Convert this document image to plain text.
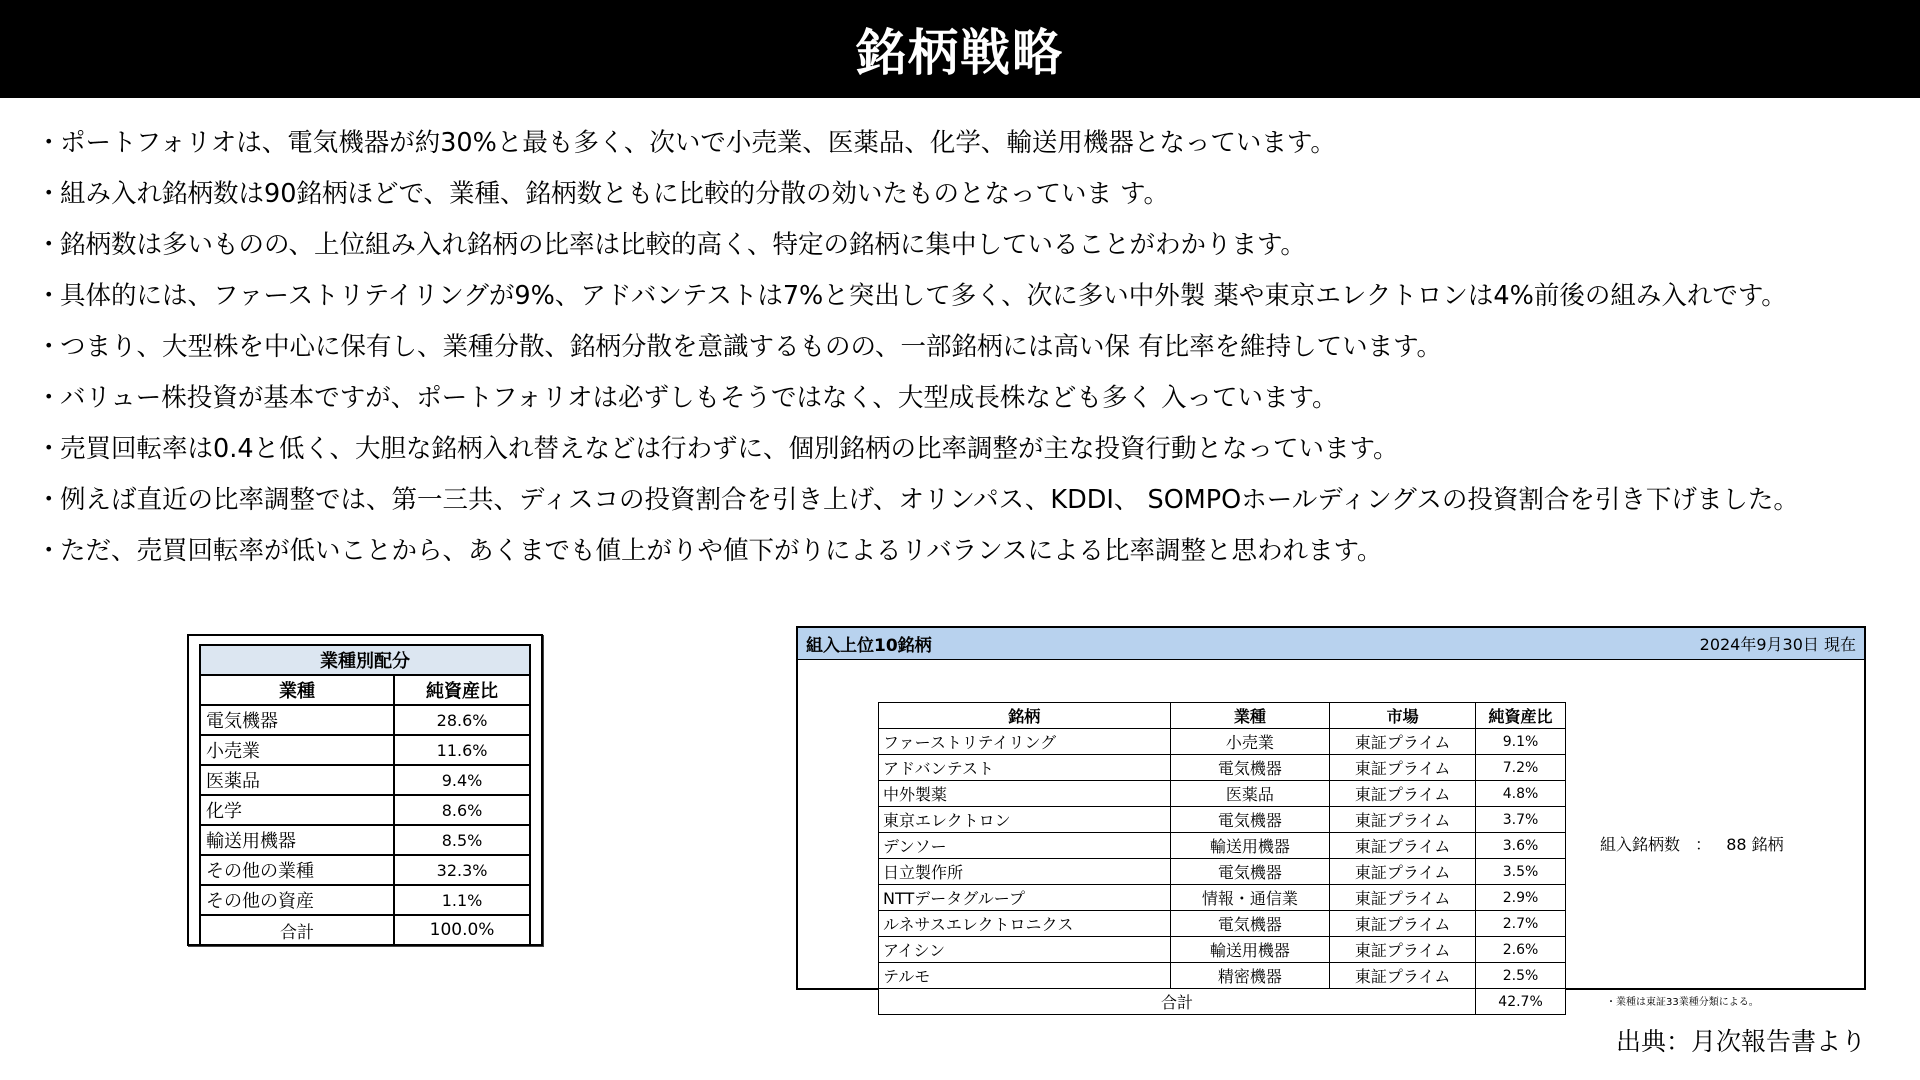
銘柄戦略
・
ポートフォリオは、電気機器が約30%と最も多く、次いで小売業、医薬品、化学、輸送用機器となっています。
・
組み入れ銘柄数は90銘柄ほどで、業種、銘柄数ともに比較的分散の効いたものとなっていま す。
・
銘柄数は多いものの、上位組み入れ銘柄の比率は比較的高く、特定の銘柄に集中していることがわかります。
・
具体的には、ファーストリテイリングが9%、アドバンテストは7%と突出して多く、次に多い中外製 薬や東京エレクトロンは4%前後の組み入れです。
・
つまり、大型株を中心に保有し、業種分散、銘柄分散を意識するものの、一部銘柄には高い保 有比率を維持しています。
・
バリュー株投資が基本ですが、ポートフォリオは必ずしもそうではなく、大型成長株なども多く 入っています。
・
売買回転率は0.4と低く、大胆な銘柄入れ替えなどは行わずに、個別銘柄の比率調整が主な投資行動となっています。
・
例えば直近の比率調整では、第一三共、ディスコの投資割合を引き上げ、オリンパス、KDDI、 SOMPOホールディングスの投資割合を引き下げました。
・
ただ、売買回転率が低いことから、あくまでも値上がりや値下がりによるリバランスによる比率調整と思われます。
業種別配分	
業種	純資産比
電気機器	28.6%
小売業	11.6%
医薬品	9.4%
化学	8.6%
輸送用機器	8.5%
その他の業種	32.3%
その他の資産	1.1%
合計	100.0%
組入上位10銘柄	2024年9月30日 現在
銘柄	業種	市場	純資産比
ファーストリテイリング	小売業	東証プライム	9.1%
アドバンテスト	電気機器	東証プライム	7.2%
中外製薬	医薬品	東証プライム	4.8%
東京エレクトロン	電気機器	東証プライム	3.7%
デンソー	輸送用機器	東証プライム	3.6%
日立製作所	電気機器	東証プライム	3.5%
NTTデータグループ	情報・通信業	東証プライム	2.9%
ルネサスエレクトロニクス	電気機器	東証プライム	2.7%
アイシン	輸送用機器	東証プライム	2.6%
テルモ	精密機器	東証プライム	2.5%
合計			42.7%
組入銘柄数 ： 88 銘柄
・業種は東証33業種分類による。
出典：月次報告書より
